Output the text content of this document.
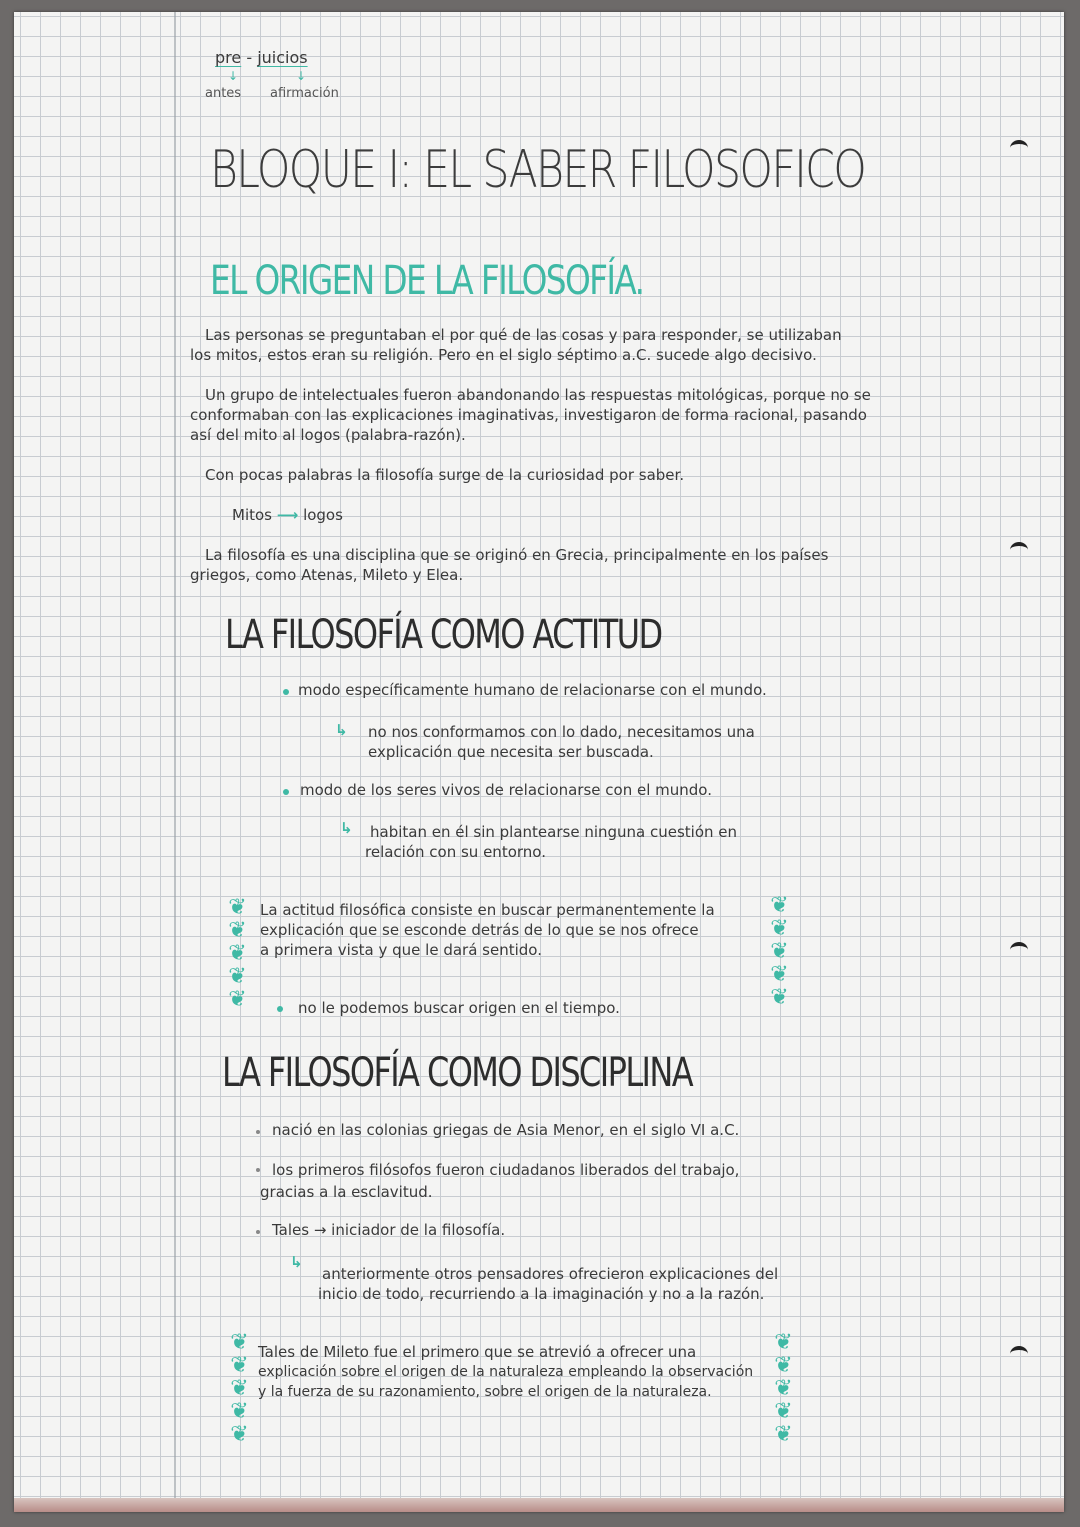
pre - juicios
↓	↓
antes afirmación
BLOQUE I: EL SABER FILOSOFICO
EL ORIGEN DE LA FILOSOFÍA.
Las personas se preguntaban el por qué de las cosas y para responder, se utilizaban
los mitos, estos eran su religión. Pero en el siglo séptimo a.C. sucede algo decisivo.
Un grupo de intelectuales fueron abandonando las respuestas mitológicas, porque no se
conformaban con las explicaciones imaginativas, investigaron de forma racional, pasando
así del mito al logos (palabra-razón).
Con pocas palabras la filosofía surge de la curiosidad por saber.
Mitos ⟶ logos
La filosofía es una disciplina que se originó en Grecia, principalmente en los países
griegos, como Atenas, Mileto y Elea.
LA FILOSOFÍA COMO ACTITUD
modo específicamente humano de relacionarse con el mundo.
↳ no nos conformamos con lo dado, necesitamos una
explicación que necesita ser buscada.
modo de los seres vivos de relacionarse con el mundo.
↳ habitan en él sin plantearse ninguna cuestión en
relación con su entorno.
❦❦❦❦❦ La actitud filosófica consiste en buscar permanentemente la
explicación que se esconde detrás de lo que se nos ofrece
a primera vista y que le dará sentido.	❦❦❦❦❦
no le podemos buscar origen en el tiempo.
LA FILOSOFÍA COMO DISCIPLINA
nació en las colonias griegas de Asia Menor, en el siglo VI a.C.
los primeros filósofos fueron ciudadanos liberados del trabajo,
gracias a la esclavitud.
Tales → iniciador de la filosofía.
↳
anteriormente otros pensadores ofrecieron explicaciones del
inicio de todo, recurriendo a la imaginación y no a la razón.
❦❦❦❦❦ Tales de Mileto fue el primero que se atrevió a ofrecer una
explicación sobre el origen de la naturaleza empleando la observación
y la fuerza de su razonamiento, sobre el origen de la naturaleza.	❦❦❦❦❦
